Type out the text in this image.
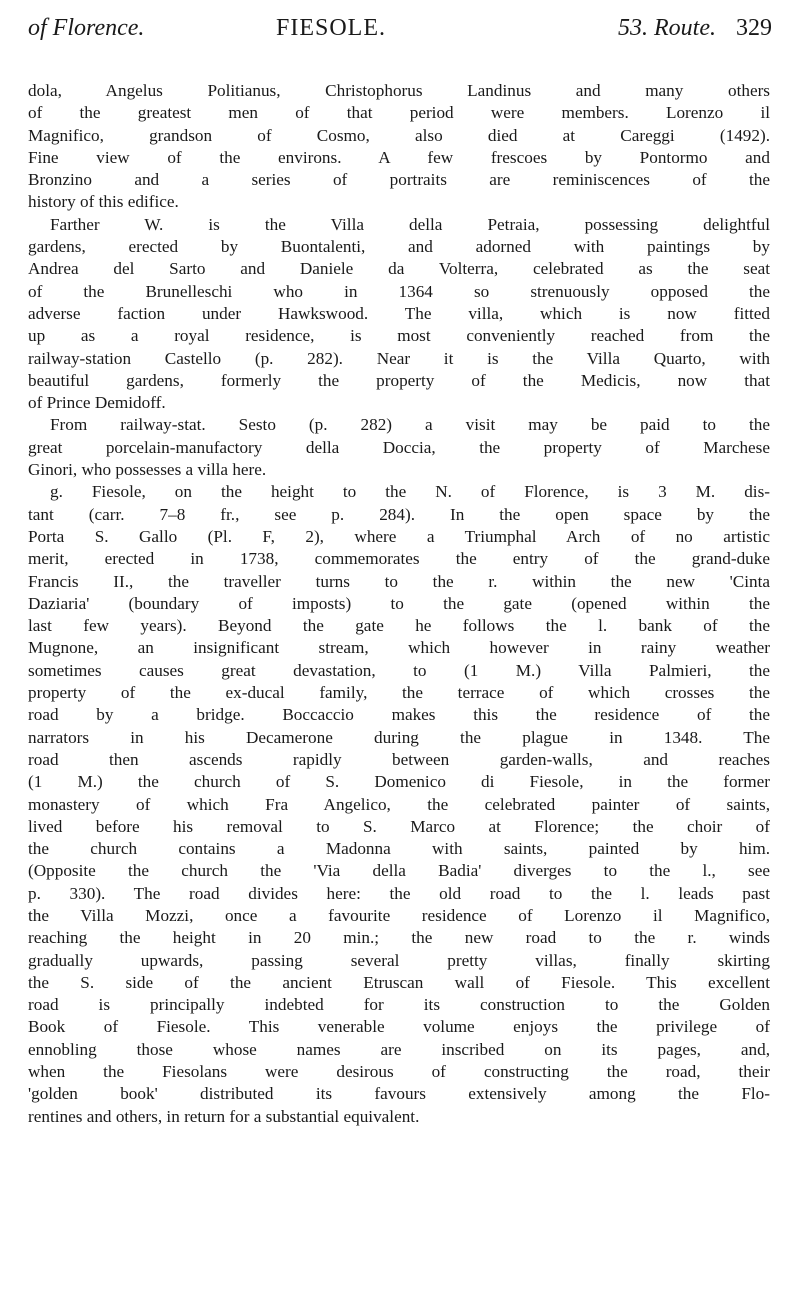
of Florence.	FIESOLE.	53. Route. 329

dola, Angelus Politianus, Christophorus Landinus and many others
of the greatest men of that period were members. Lorenzo il
Magnifico, grandson of Cosmo, also died at Careggi (1492).
Fine view of the environs. A few frescoes by Pontormo and
Bronzino and a series of portraits are reminiscences of the
history of this edifice.

Farther W. is the Villa della Petraia, possessing delightful
gardens, erected by Buontalenti, and adorned with paintings by
Andrea del Sarto and Daniele da Volterra, celebrated as the seat
of the Brunelleschi who in 1364 so strenuously opposed the
adverse faction under Hawkswood. The villa, which is now fitted
up as a royal residence, is most conveniently reached from the
railway-station Castello (p. 282). Near it is the Villa Quarto, with
beautiful gardens, formerly the property of the Medicis, now that
of Prince Demidoff.

From railway-stat. Sesto (p. 282) a visit may be paid to the
great porcelain-manufactory della Doccia, the property of Marchese
Ginori, who possesses a villa here.

g. Fiesole, on the height to the N. of Florence, is 3 M. dis-
tant (carr. 7–8 fr., see p. 284). In the open space by the
Porta S. Gallo (Pl. F, 2), where a Triumphal Arch of no artistic
merit, erected in 1738, commemorates the entry of the grand-duke
Francis II., the traveller turns to the r. within the new 'Cinta
Daziaria' (boundary of imposts) to the gate (opened within the
last few years). Beyond the gate he follows the l. bank of the
Mugnone, an insignificant stream, which however in rainy weather
sometimes causes great devastation, to (1 M.) Villa Palmieri, the
property of the ex-ducal family, the terrace of which crosses the
road by a bridge. Boccaccio makes this the residence of the
narrators in his Decamerone during the plague in 1348. The
road then ascends rapidly between garden-walls, and reaches
(1 M.) the church of S. Domenico di Fiesole, in the former
monastery of which Fra Angelico, the celebrated painter of saints,
lived before his removal to S. Marco at Florence; the choir of
the church contains a Madonna with saints, painted by him.
(Opposite the church the 'Via della Badia' diverges to the l., see
p. 330). The road divides here: the old road to the l. leads past
the Villa Mozzi, once a favourite residence of Lorenzo il Magnifico,
reaching the height in 20 min.; the new road to the r. winds
gradually upwards, passing several pretty villas, finally skirting
the S. side of the ancient Etruscan wall of Fiesole. This excellent
road is principally indebted for its construction to the Golden
Book of Fiesole. This venerable volume enjoys the privilege of
ennobling those whose names are inscribed on its pages, and,
when the Fiesolans were desirous of constructing the road, their
'golden book' distributed its favours extensively among the Flo-
rentines and others, in return for a substantial equivalent.
